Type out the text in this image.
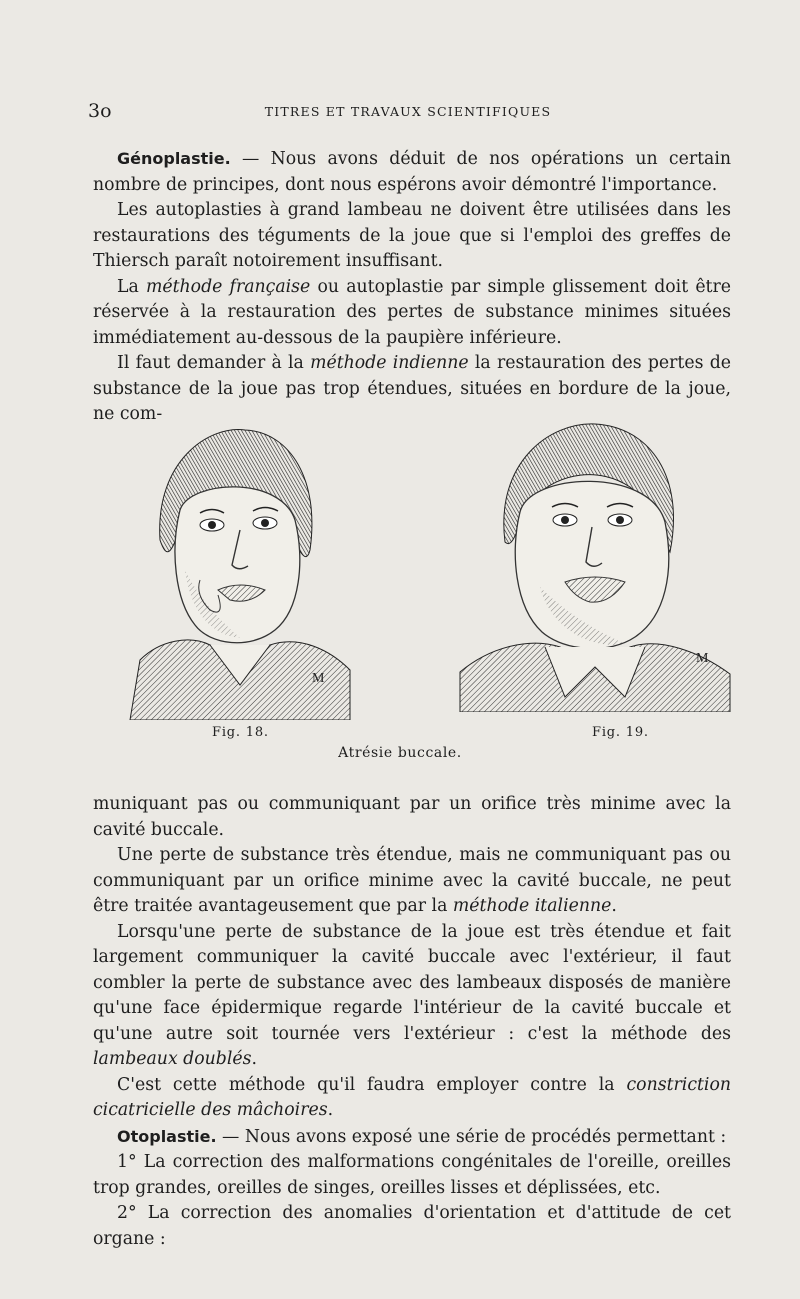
3o	TITRES ET TRAVAUX SCIENTIFIQUES

Génoplastie. — Nous avons déduit de nos opérations un certain nombre de principes, dont nous espérons avoir démontré l'importance.

Les autoplasties à grand lambeau ne doivent être utilisées dans les restaurations des téguments de la joue que si l'emploi des greffes de Thiersch paraît notoirement insuffisant.

La méthode française ou autoplastie par simple glissement doit être réservée à la restauration des pertes de substance minimes situées immédiatement au-dessous de la paupière inférieure.

Il faut demander à la méthode indienne la restauration des pertes de substance de la joue pas trop étendues, situées en bordure de la joue, ne com-

M
Fig. 18.
M
Fig. 19.
Atrésie buccale.

muniquant pas ou communiquant par un orifice très minime avec la cavité buccale.

Une perte de substance très étendue, mais ne communiquant pas ou communiquant par un orifice minime avec la cavité buccale, ne peut être traitée avantageusement que par la méthode italienne.

Lorsqu'une perte de substance de la joue est très étendue et fait largement communiquer la cavité buccale avec l'extérieur, il faut combler la perte de substance avec des lambeaux disposés de manière qu'une face épidermique regarde l'intérieur de la cavité buccale et qu'une autre soit tournée vers l'extérieur : c'est la méthode des lambeaux doublés.

C'est cette méthode qu'il faudra employer contre la constriction cicatricielle des mâchoires.

Otoplastie. — Nous avons exposé une série de procédés permettant :

1° La correction des malformations congénitales de l'oreille, oreilles trop grandes, oreilles de singes, oreilles lisses et déplissées, etc.

2° La correction des anomalies d'orientation et d'attitude de cet organe :
